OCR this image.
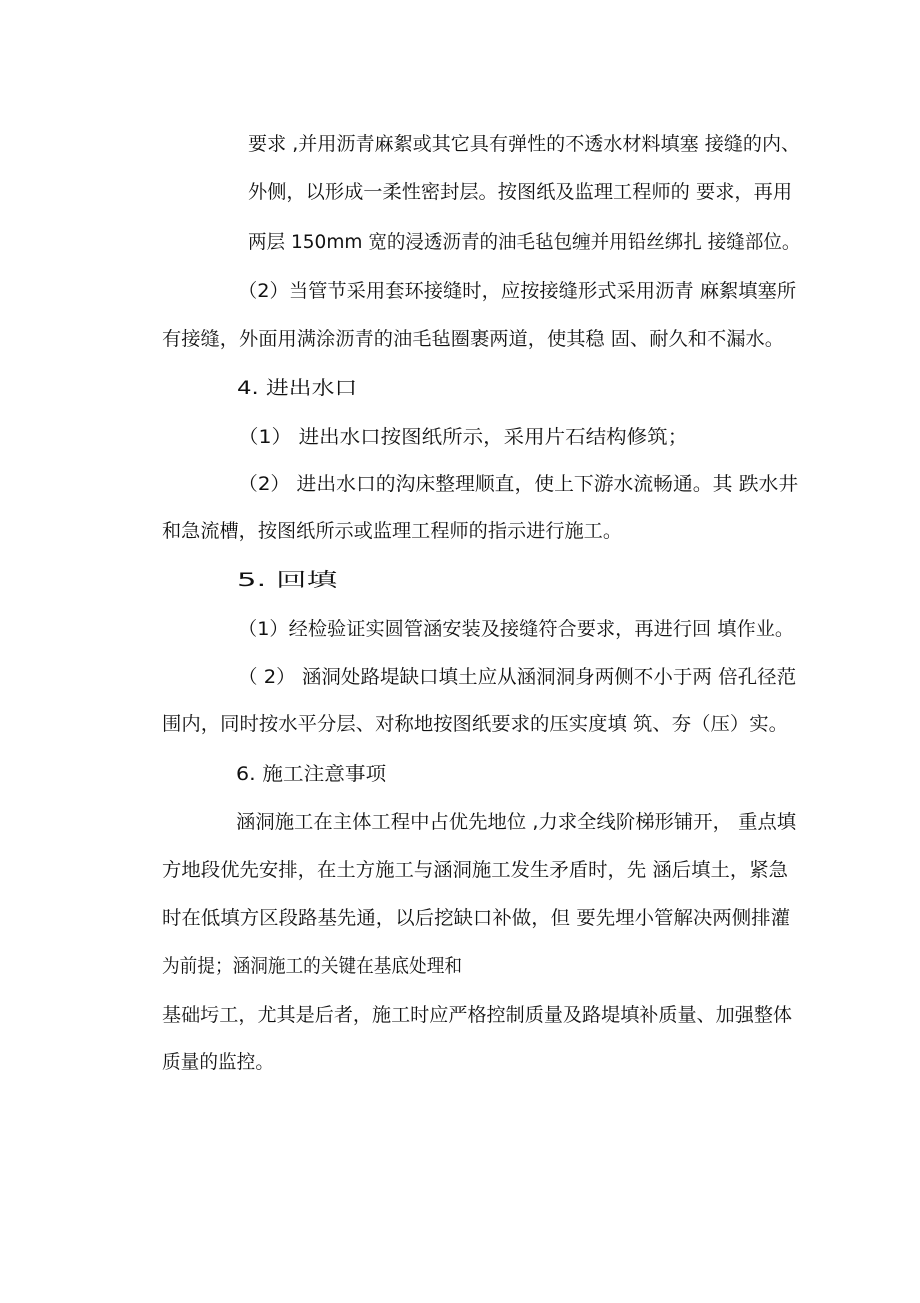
要求 ,并用沥青麻絮或其它具有弹性的不透水材料填塞 接缝的内、
外侧，以形成一柔性密封层。按图纸及监理工程师的 要求，再用
两层 150mm 宽的浸透沥青的油毛毡包缠并用铅丝绑扎 接缝部位。
（2）当管节采用套环接缝时，应按接缝形式采用沥青 麻絮填塞所
有接缝，外面用满涂沥青的油毛毡圈裹两道，使其稳 固、耐久和不漏水。
4. 进出水口
（1） 进出水口按图纸所示，采用片石结构修筑；
（2） 进出水口的沟床整理顺直，使上下游水流畅通。其 跌水井
和急流槽，按图纸所示或监理工程师的指示进行施工。
5. 回填
（1）经检验证实圆管涵安装及接缝符合要求，再进行回 填作业。
（ 2） 涵洞处路堤缺口填土应从涵洞洞身两侧不小于两 倍孔径范
围内，同时按水平分层、对称地按图纸要求的压实度填 筑、夯（压）实。
6. 施工注意事项
涵洞施工在主体工程中占优先地位 ,力求全线阶梯形铺开， 重点填
方地段优先安排，在土方施工与涵洞施工发生矛盾时，先 涵后填土，紧急
时在低填方区段路基先通，以后挖缺口补做，但 要先埋小管解决两侧排灌
为前提；涵洞施工的关键在基底处理和
基础圬工，尤其是后者，施工时应严格控制质量及路堤填补质量、加强整体
质量的监控。
